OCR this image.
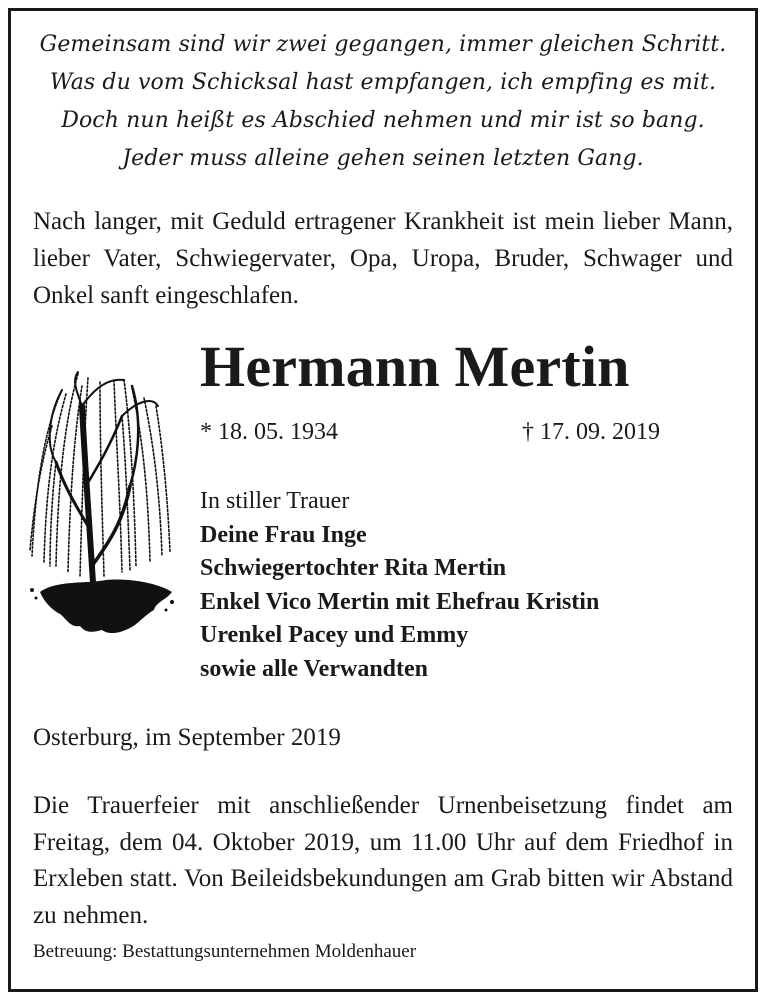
Gemeinsam sind wir zwei gegangen, immer gleichen Schritt.
Was du vom Schicksal hast empfangen, ich empfing es mit.
Doch nun heißt es Abschied nehmen und mir ist so bang.
Jeder muss alleine gehen seinen letzten Gang.
Nach langer, mit Geduld ertragener Krankheit ist mein lieber Mann, lieber Vater, Schwiegervater, Opa, Uropa, Bruder, Schwager und Onkel sanft eingeschlafen.
Hermann Mertin
* 18. 05. 1934	† 17. 09. 2019
In stiller Trauer
Deine Frau Inge
Schwiegertochter Rita Mertin
Enkel Vico Mertin mit Ehefrau Kristin
Urenkel Pacey und Emmy
sowie alle Verwandten
Osterburg, im September 2019
Die Trauerfeier mit anschließender Urnenbeisetzung findet am Freitag, dem 04. Oktober 2019, um 11.00 Uhr auf dem Friedhof in Erxleben statt. Von Beileidsbekundungen am Grab bitten wir Abstand zu nehmen.
Betreuung: Bestattungsunternehmen Moldenhauer
